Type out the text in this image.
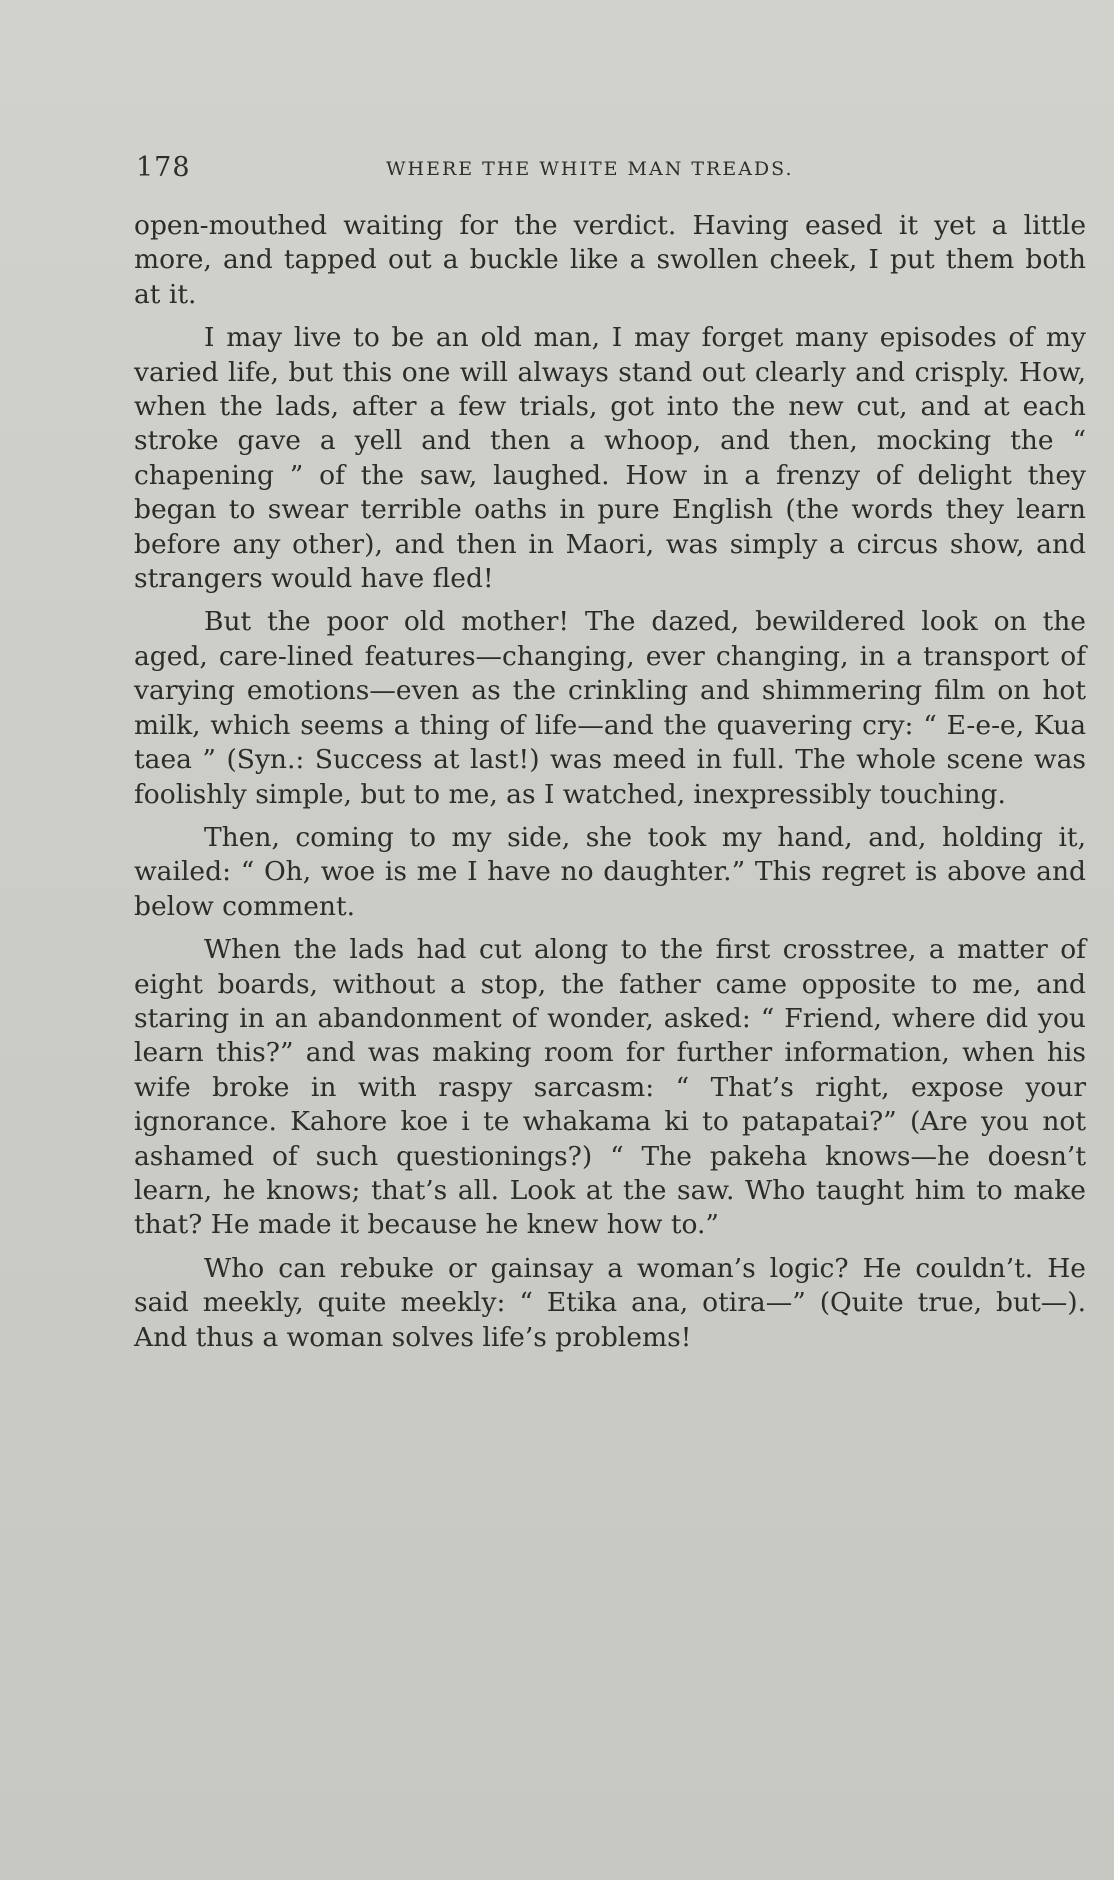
178	WHERE THE WHITE MAN TREADS.

open-mouthed waiting for the verdict. Having eased it yet a little more, and tapped out a buckle like a swollen cheek, I put them both at it.

I may live to be an old man, I may forget many episodes of my varied life, but this one will always stand out clearly and crisply. How, when the lads, after a few trials, got into the new cut, and at each stroke gave a yell and then a whoop, and then, mocking the “ chapening ” of the saw, laughed. How in a frenzy of delight they began to swear terrible oaths in pure English (the words they learn before any other), and then in Maori, was simply a circus show, and strangers would have fled!

But the poor old mother! The dazed, bewildered look on the aged, care-lined features—changing, ever changing, in a transport of varying emotions—even as the crinkling and shimmering film on hot milk, which seems a thing of life—and the quavering cry: “ E-e-e, Kua taea ” (Syn.: Success at last!) was meed in full. The whole scene was foolishly simple, but to me, as I watched, inexpressibly touching.

Then, coming to my side, she took my hand, and, holding it, wailed: “ Oh, woe is me I have no daughter.” This regret is above and below comment.

When the lads had cut along to the first crosstree, a matter of eight boards, without a stop, the father came opposite to me, and staring in an abandonment of wonder, asked: “ Friend, where did you learn this?” and was making room for further information, when his wife broke in with raspy sarcasm: “ That’s right, expose your ignorance. Kahore koe i te whakama ki to patapatai?” (Are you not ashamed of such questionings?) “ The pakeha knows—he doesn’t learn, he knows; that’s all. Look at the saw. Who taught him to make that? He made it because he knew how to.”

Who can rebuke or gainsay a woman’s logic? He couldn’t. He said meekly, quite meekly: “ Etika ana, otira—” (Quite true, but—). And thus a woman solves life’s problems!
